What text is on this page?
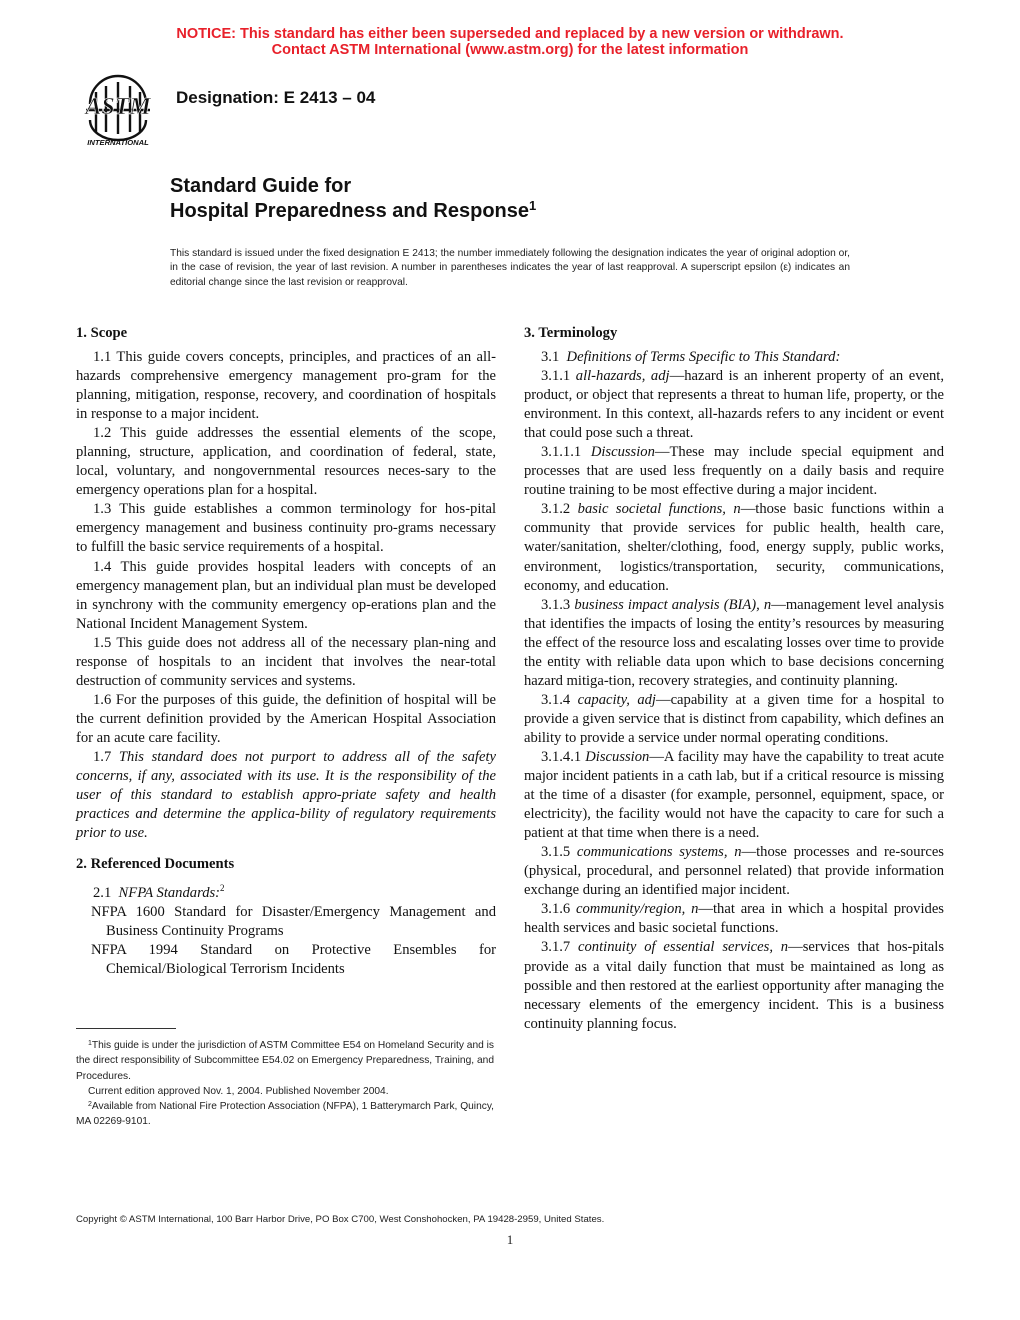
NOTICE: This standard has either been superseded and replaced by a new version or withdrawn.
Contact ASTM International (www.astm.org) for the latest information
ASTM
INTERNATIONAL
Designation: E 2413 – 04
Standard Guide for
Hospital Preparedness and Response$^1$
This standard is issued under the fixed designation E 2413; the number immediately following the designation indicates the year of original adoption or, in the case of revision, the year of last revision. A number in parentheses indicates the year of last reapproval. A superscript epsilon (ε) indicates an editorial change since the last revision or reapproval.
1. Scope

1.1 This guide covers concepts, principles, and practices of an all-hazards comprehensive emergency management pro-gram for the planning, mitigation, response, recovery, and coordination of hospitals in response to a major incident.

1.2 This guide addresses the essential elements of the scope, planning, structure, application, and coordination of federal, state, local, voluntary, and nongovernmental resources neces-sary to the emergency operations plan for a hospital.

1.3 This guide establishes a common terminology for hos-pital emergency management and business continuity pro-grams necessary to fulfill the basic service requirements of a hospital.

1.4 This guide provides hospital leaders with concepts of an emergency management plan, but an individual plan must be developed in synchrony with the community emergency op-erations plan and the National Incident Management System.

1.5 This guide does not address all of the necessary plan-ning and response of hospitals to an incident that involves the near-total destruction of community services and systems.

1.6 For the purposes of this guide, the definition of hospital will be the current definition provided by the American Hospital Association for an acute care facility.

1.7 This standard does not purport to address all of the safety concerns, if any, associated with its use. It is the responsibility of the user of this standard to establish appro-priate safety and health practices and determine the applica-bility of regulatory requirements prior to use.

2. Referenced Documents

2.1 NFPA Standards:$^2$

NFPA 1600 Standard for Disaster/Emergency Management and Business Continuity Programs

NFPA 1994 Standard on Protective Ensembles for Chemical/Biological Terrorism Incidents

3. Terminology

3.1 Definitions of Terms Specific to This Standard:

3.1.1 all-hazards, adj—hazard is an inherent property of an event, product, or object that represents a threat to human life, property, or the environment. In this context, all-hazards refers to any incident or event that could pose such a threat.

3.1.1.1 Discussion—These may include special equipment and processes that are used less frequently on a daily basis and require routine training to be most effective during a major incident.

3.1.2 basic societal functions, n—those basic functions within a community that provide services for public health, health care, water/sanitation, shelter/clothing, food, energy supply, public works, environment, logistics/transportation, security, communications, economy, and education.

3.1.3 business impact analysis (BIA), n—management level analysis that identifies the impacts of losing the entity’s resources by measuring the effect of the resource loss and escalating losses over time to provide the entity with reliable data upon which to base decisions concerning hazard mitiga-tion, recovery strategies, and continuity planning.

3.1.4 capacity, adj—capability at a given time for a hospital to provide a given service that is distinct from capability, which defines an ability to provide a service under normal operating conditions.

3.1.4.1 Discussion—A facility may have the capability to treat acute major incident patients in a cath lab, but if a critical resource is missing at the time of a disaster (for example, personnel, equipment, space, or electricity), the facility would not have the capacity to care for such a patient at that time when there is a need.

3.1.5 communications systems, n—those processes and re-sources (physical, procedural, and personnel related) that provide information exchange during an identified major incident.

3.1.6 community/region, n—that area in which a hospital provides health services and basic societal functions.

3.1.7 continuity of essential services, n—services that hos-pitals provide as a vital daily function that must be maintained as long as possible and then restored at the earliest opportunity after managing the necessary elements of the emergency incident. This is a business continuity planning focus.

$^1$This guide is under the jurisdiction of ASTM Committee E54 on Homeland Security and is the direct responsibility of Subcommittee E54.02 on Emergency Preparedness, Training, and Procedures.

Current edition approved Nov. 1, 2004. Published November 2004.

$^2$Available from National Fire Protection Association (NFPA), 1 Batterymarch Park, Quincy, MA 02269-9101.

Copyright © ASTM International, 100 Barr Harbor Drive, PO Box C700, West Conshohocken, PA 19428-2959, United States.
1
